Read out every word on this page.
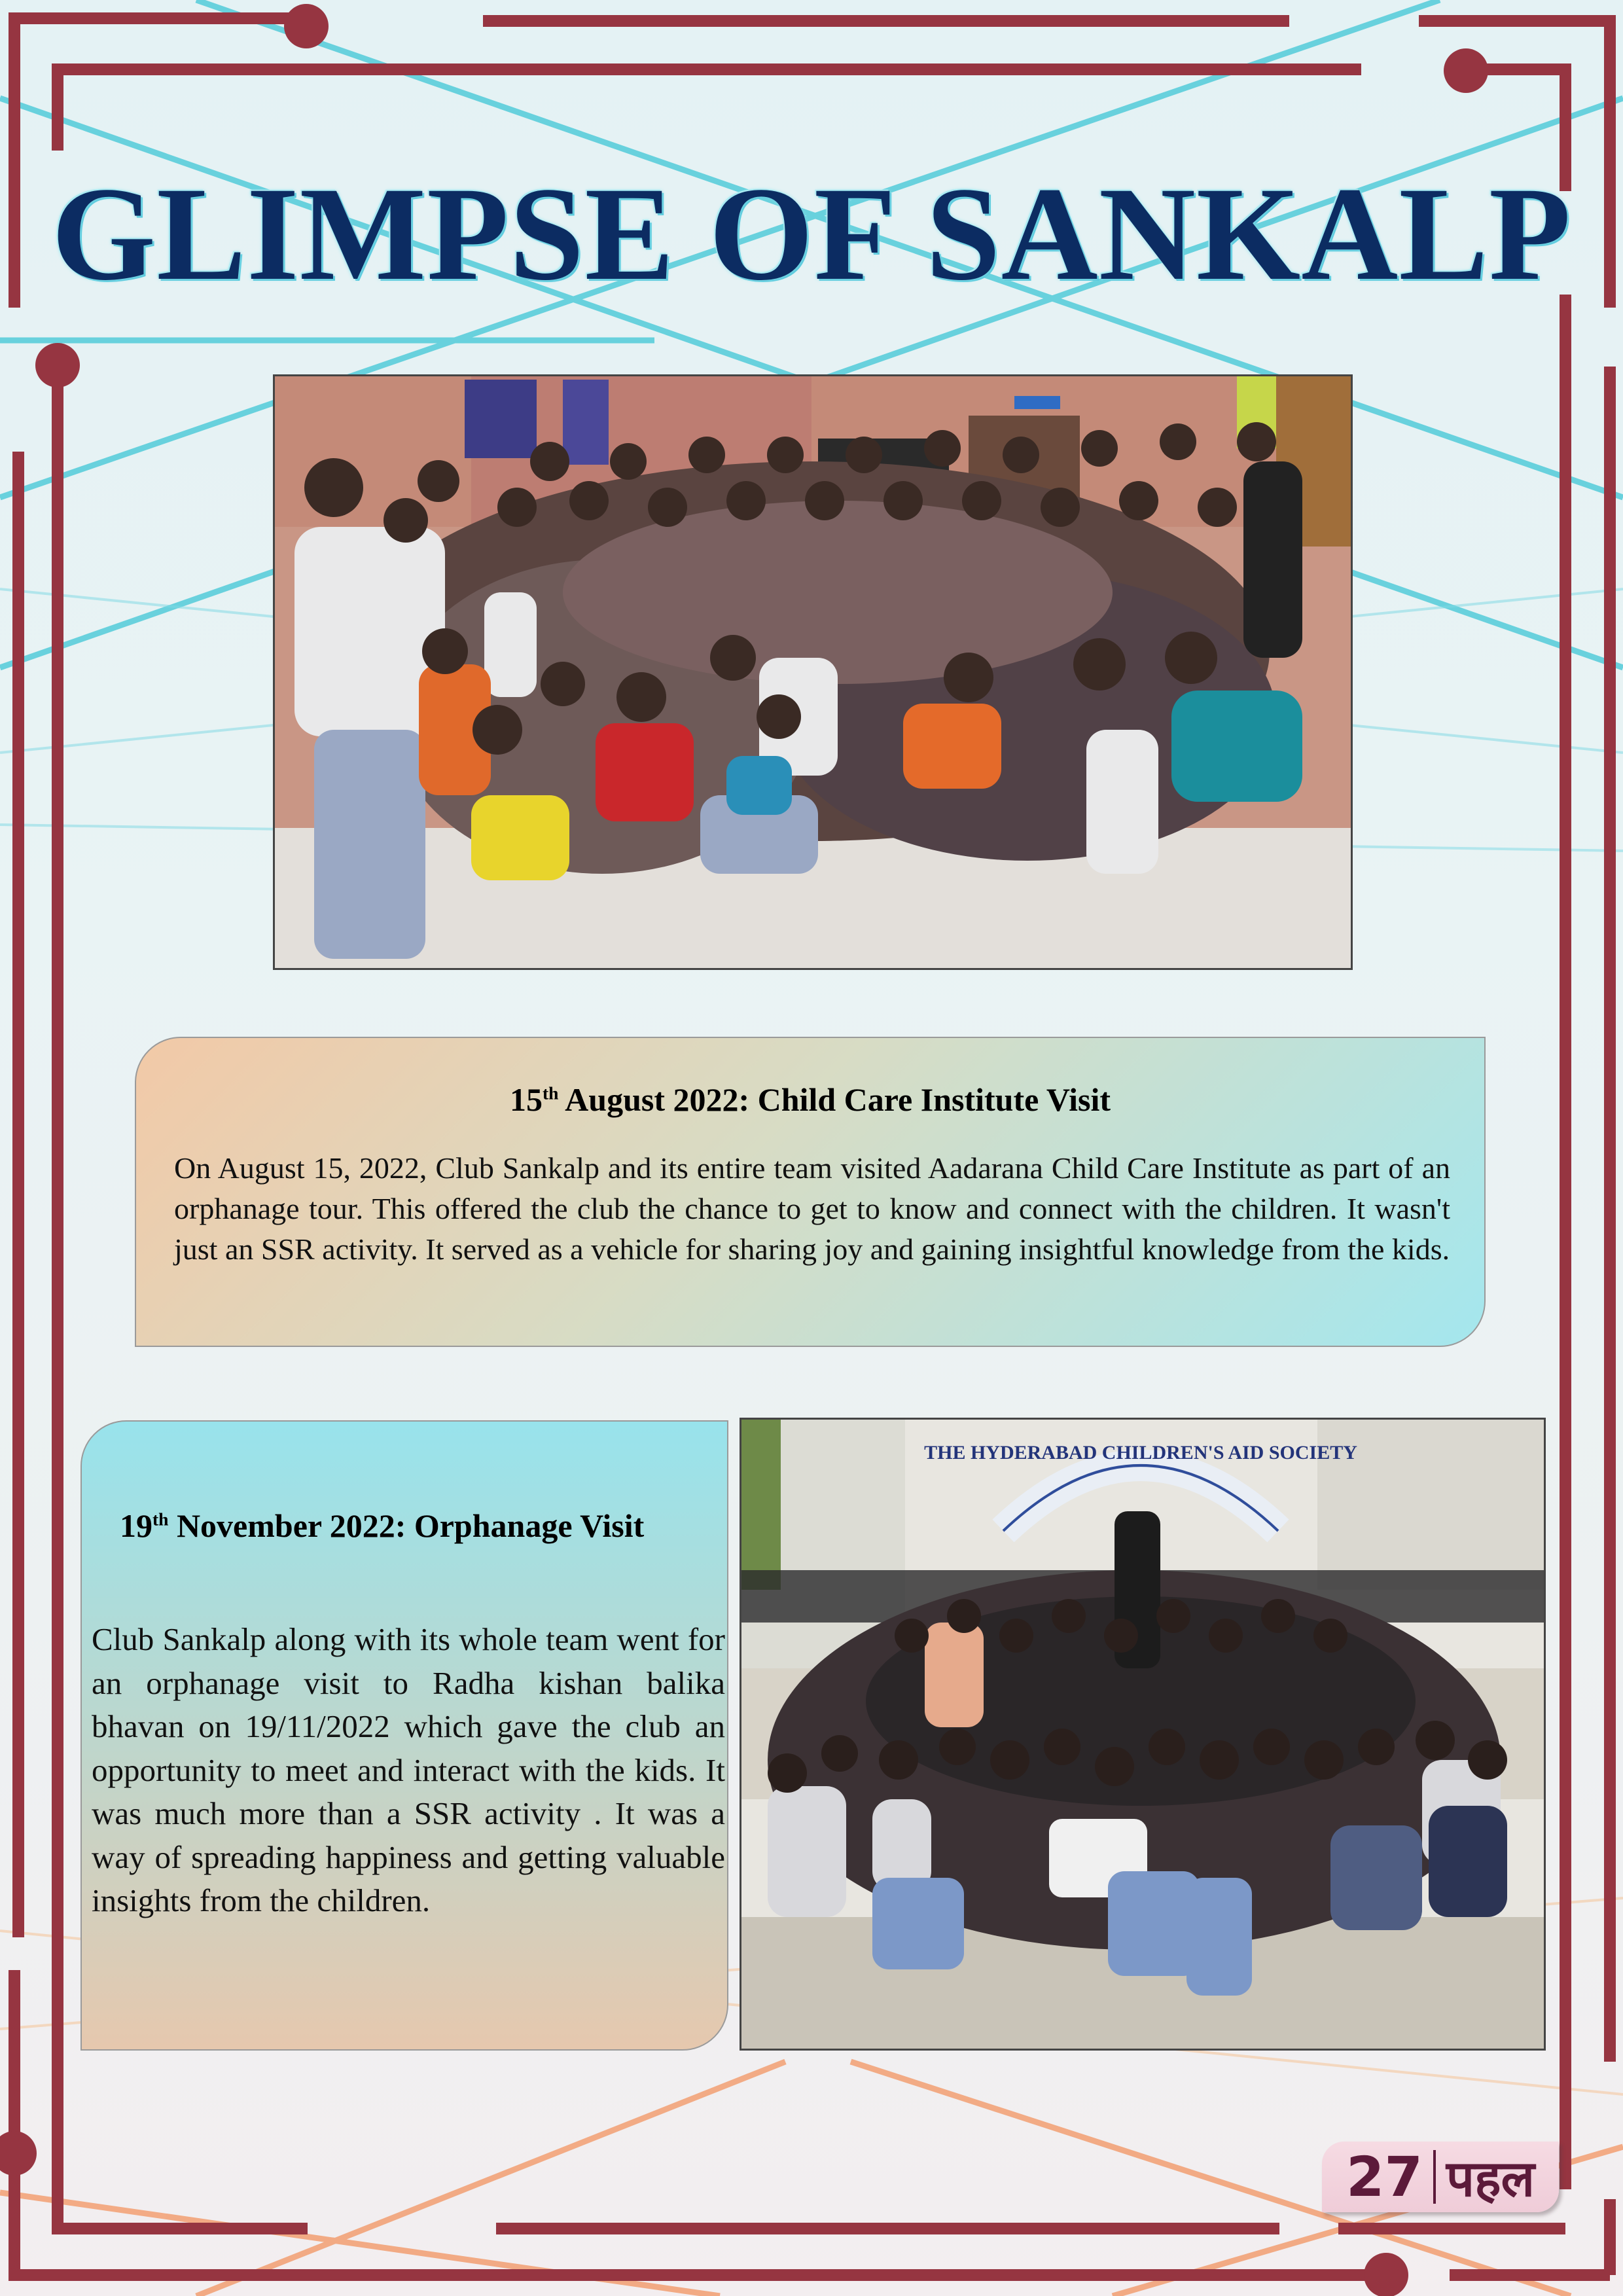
GLIMPSE OF SANKALP
15th August 2022: Child Care Institute Visit
On August 15, 2022, Club Sankalp and its entire team visited Aadarana Child Care Institute as part of an orphanage tour. This offered the club the chance to get to know and connect with the children. It wasn't just an SSR activity. It served as a vehicle for sharing joy and gaining insightful knowledge from the kids.
19th November 2022: Orphanage Visit
Club Sankalp along with its whole team went for an orphanage visit to Radha kishan balika bhavan on 19/11/2022 which gave the club an opportunity to meet and interact with the kids. It was much more than a SSR activity . It was a way of spreading happiness and getting valuable insights from the children.
THE HYDERABAD CHILDREN'S AID SOCIETY
27 पहल
